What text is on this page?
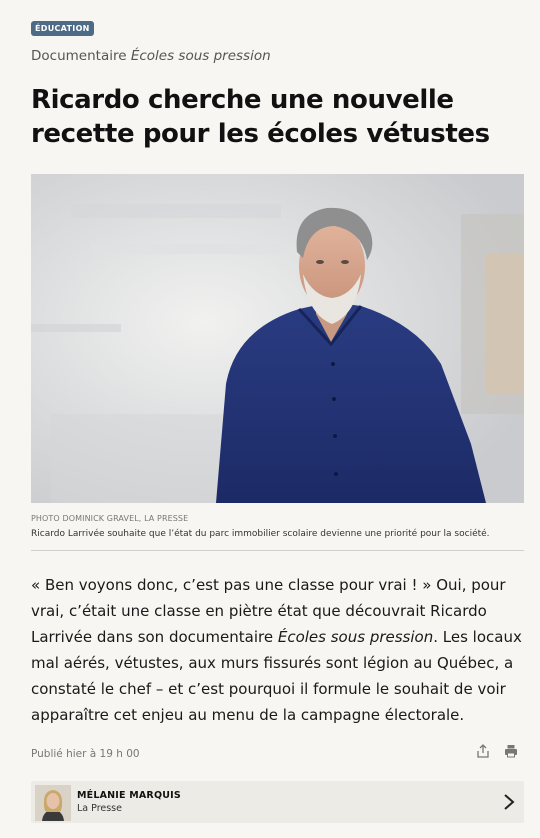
ÉDUCATION
Documentaire Écoles sous pression
Ricardo cherche une nouvelle recette pour les écoles vétustes
PHOTO DOMINICK GRAVEL, LA PRESSE
Ricardo Larrivée souhaite que l’état du parc immobilier scolaire devienne une priorité pour la société.

« Ben voyons donc, c’est pas une classe pour vrai ! » Oui, pour vrai, c’était une classe en piètre état que découvrait Ricardo Larrivée dans son documentaire Écoles sous pression. Les locaux mal aérés, vétustes, aux murs fissurés sont légion au Québec, a constaté le chef – et c’est pourquoi il formule le souhait de voir apparaître cet enjeu au menu de la campagne électorale.

Publié hier à 19 h 00
MÉLANIE MARQUIS
La Presse
